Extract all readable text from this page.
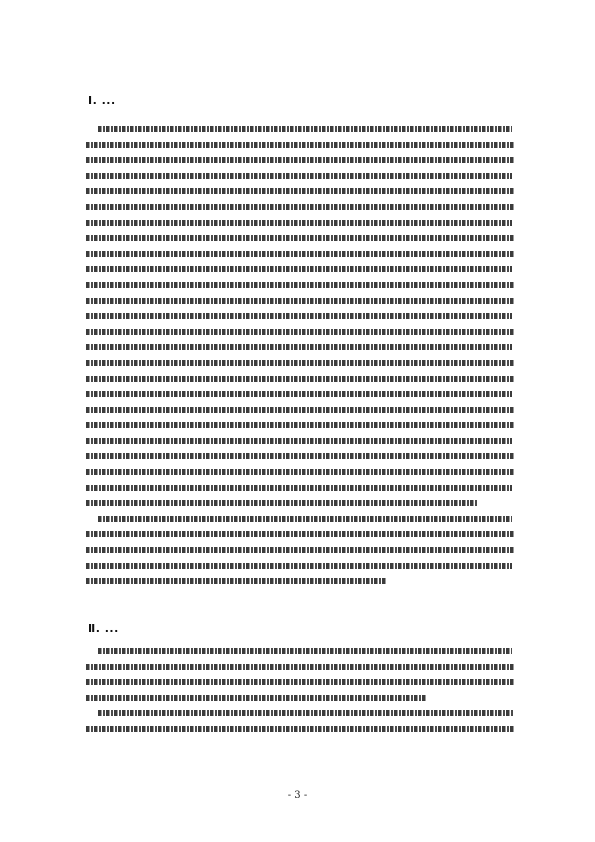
Ⅰ. ...
Ⅱ. ...
- 3 -
